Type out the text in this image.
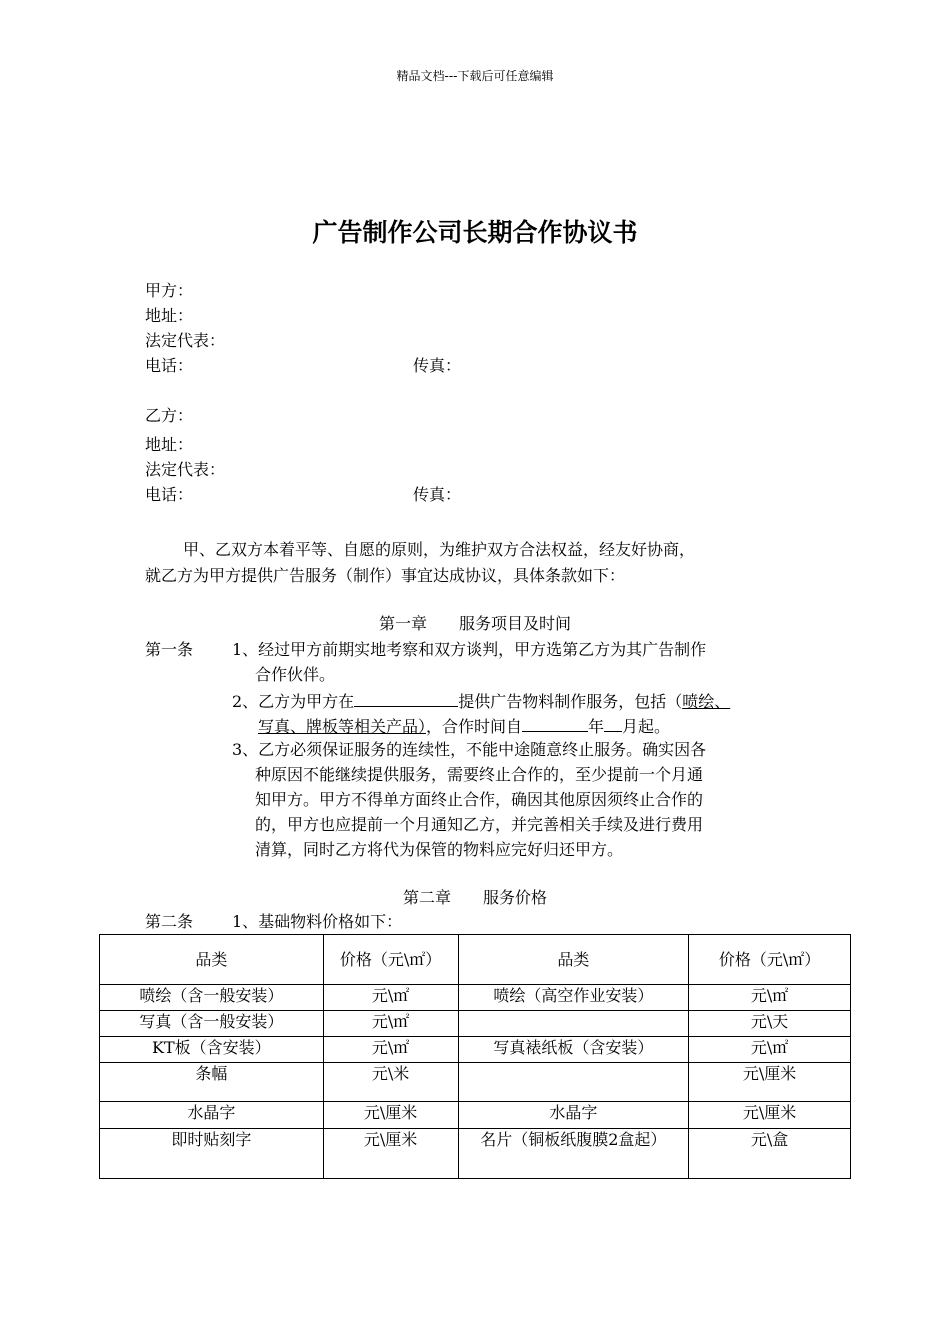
精品文档---下载后可任意编辑
广告制作公司长期合作协议书
甲方：
地址：
法定代表：
电话：	传真：
乙方：
地址：
法定代表：
电话：	传真：
甲、乙双方本着平等、自愿的原则，为维护双方合法权益，经友好协商，
就乙方为甲方提供广告服务（制作）事宜达成协议，具体条款如下：
第一章　　服务项目及时间
第一条 1、经过甲方前期实地考察和双方谈判，甲方选第乙方为其广告制作
合作伙伴。
2、乙方为甲方在	提供广告物料制作服务，包括（喷绘、
写真、牌板等相关产品），合作时间自	年 月起。
3、乙方必须保证服务的连续性，不能中途随意终止服务。确实因各
种原因不能继续提供服务，需要终止合作的，至少提前一个月通
知甲方。甲方不得单方面终止合作，确因其他原因须终止合作的
的，甲方也应提前一个月通知乙方，并完善相关手续及进行费用
清算，同时乙方将代为保管的物料应完好归还甲方。
第二章　　服务价格
第二条 1、基础物料价格如下：
品类	价格（元\㎡）	品类	价格（元\㎡）
喷绘（含一般安装）	元\㎡	喷绘（高空作业安装）	元\㎡
写真（含一般安装）	元\㎡		元\天
KT板（含安装）	元\㎡	写真裱纸板（含安装）	元\㎡
条幅	元\米		元\厘米
水晶字	元\厘米	水晶字	元\厘米
即时贴刻字	元\厘米	名片（铜板纸腹膜2盒起）	元\盒
